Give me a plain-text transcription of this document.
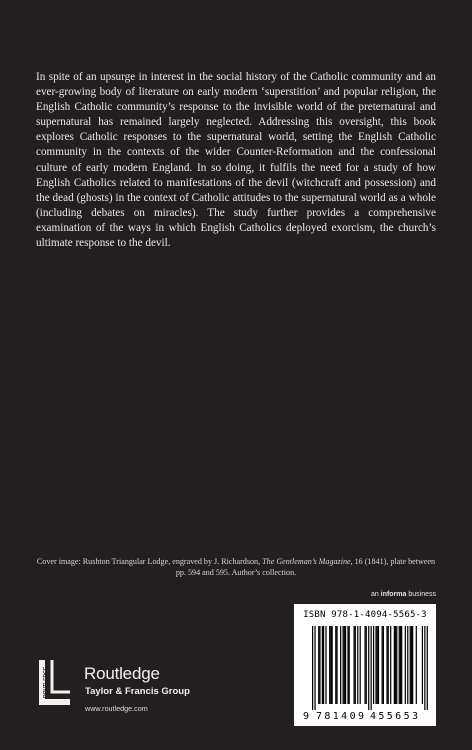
In spite of an upsurge in interest in the social history of the Catholic community and an ever-growing body of literature on early modern ‘superstition’ and popular religion, the English Catholic community’s response to the invisible world of the preternatural and supernatural has remained largely neglected. Addressing this oversight, this book explores Catholic responses to the supernatural world, setting the English Catholic community in the contexts of the wider Counter-Reformation and the confessional culture of early modern England. In so doing, it fulfils the need for a study of how English Catholics related to manifestations of the devil (witchcraft and possession) and the dead (ghosts) in the context of Catholic attitudes to the supernatural world as a whole (including debates on miracles). The study further provides a comprehensive examination of the ways in which English Catholics deployed exorcism, the church’s ultimate response to the devil.

Cover image: Rushton Triangular Lodge, engraved by J. Richardson, The Gentleman’s Magazine, 16 (1841), plate between pp. 594 and 595. Author’s collection.
an informa business
ROUTLEDGE Routledge
Taylor & Francis Group
www.routledge.com
ISBN 978-1-4094-5565-3
9 781409 455653
